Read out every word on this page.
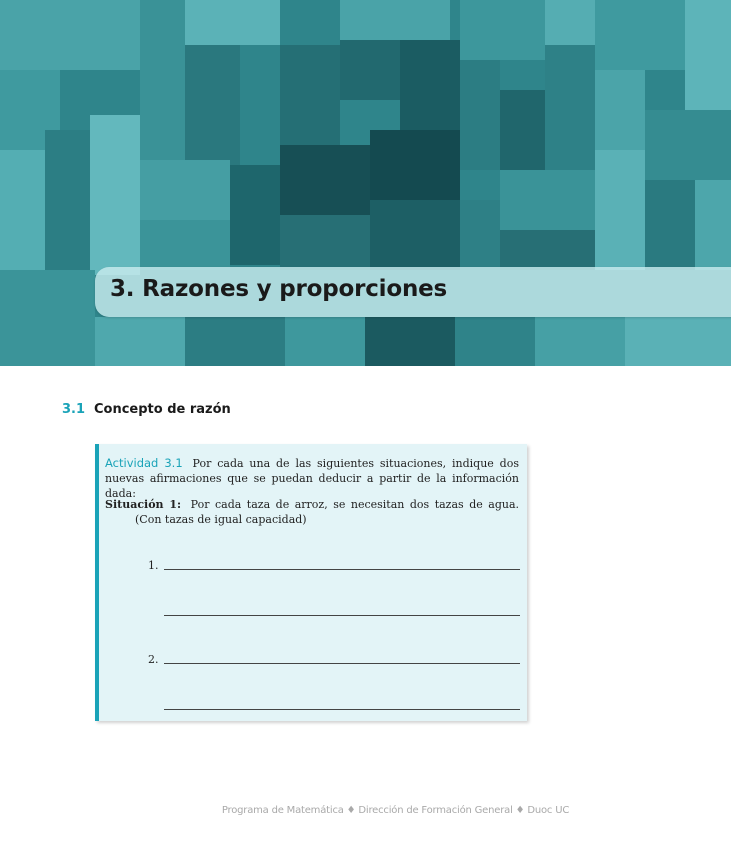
3. Razones y proporciones
3.1 Concepto de razón
Actividad 3.1 Por cada una de las siguientes situaciones, indique dos nuevas afirmaciones que se puedan deducir a partir de la información dada:
Situación 1: Por cada taza de arroz, se necesitan dos tazas de agua. (Con tazas de igual capacidad)
1.
2.
Programa de Matemática ♦ Dirección de Formación General ♦ Duoc UC
